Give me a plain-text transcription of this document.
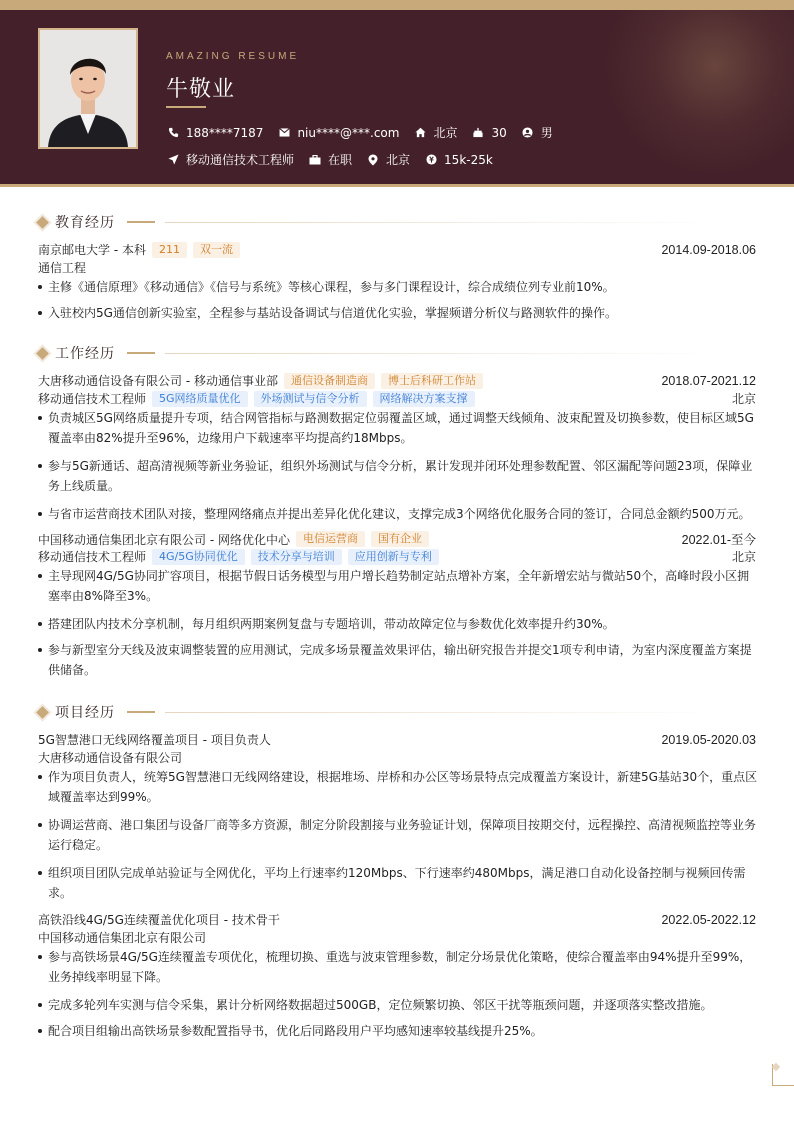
AMAZING RESUME
牛敬业
188****7187	niu****@***.com	北京	30	男
移动通信技术工程师	在职	北京	15k-25k
教育经历
南京邮电大学 - 本科	211	双一流	2014.09-2018.06
通信工程
主修《通信原理》《移动通信》《信号与系统》等核心课程，参与多门课程设计，综合成绩位列专业前10%。
入驻校内5G通信创新实验室，全程参与基站设备调试与信道优化实验，掌握频谱分析仪与路测软件的操作。
工作经历
大唐移动通信设备有限公司 - 移动通信事业部	通信设备制造商	博士后科研工作站	2018.07-2021.12
移动通信技术工程师	5G网络质量优化	外场测试与信令分析	网络解决方案支撑	北京
负责城区5G网络质量提升专项，结合网管指标与路测数据定位弱覆盖区域，通过调整天线倾角、波束配置及切换参数，使目标区域5G覆盖率由82%提升至96%，边缘用户下载速率平均提高约18Mbps。
参与5G新通话、超高清视频等新业务验证，组织外场测试与信令分析，累计发现并闭环处理参数配置、邻区漏配等问题23项，保障业务上线质量。
与省市运营商技术团队对接，整理网络痛点并提出差异化优化建议，支撑完成3个网络优化服务合同的签订，合同总金额约500万元。
中国移动通信集团北京有限公司 - 网络优化中心	电信运营商	国有企业	2022.01-至今
移动通信技术工程师	4G/5G协同优化	技术分享与培训	应用创新与专利	北京
主导现网4G/5G协同扩容项目，根据节假日话务模型与用户增长趋势制定站点增补方案，全年新增宏站与微站50个，高峰时段小区拥塞率由8%降至3%。
搭建团队内技术分享机制，每月组织两期案例复盘与专题培训，带动故障定位与参数优化效率提升约30%。
参与新型室分天线及波束调整装置的应用测试，完成多场景覆盖效果评估，输出研究报告并提交1项专利申请，为室内深度覆盖方案提供储备。
项目经历
5G智慧港口无线网络覆盖项目 - 项目负责人	2019.05-2020.03
大唐移动通信设备有限公司
作为项目负责人，统筹5G智慧港口无线网络建设，根据堆场、岸桥和办公区等场景特点完成覆盖方案设计，新建5G基站30个，重点区域覆盖率达到99%。
协调运营商、港口集团与设备厂商等多方资源，制定分阶段割接与业务验证计划，保障项目按期交付，远程操控、高清视频监控等业务运行稳定。
组织项目团队完成单站验证与全网优化，平均上行速率约120Mbps、下行速率约480Mbps，满足港口自动化设备控制与视频回传需求。
高铁沿线4G/5G连续覆盖优化项目 - 技术骨干	2022.05-2022.12
中国移动通信集团北京有限公司
参与高铁场景4G/5G连续覆盖专项优化，梳理切换、重选与波束管理参数，制定分场景优化策略，使综合覆盖率由94%提升至99%，业务掉线率明显下降。
完成多轮列车实测与信令采集，累计分析网络数据超过500GB，定位频繁切换、邻区干扰等瓶颈问题，并逐项落实整改措施。
配合项目组输出高铁场景参数配置指导书，优化后同路段用户平均感知速率较基线提升25%。
